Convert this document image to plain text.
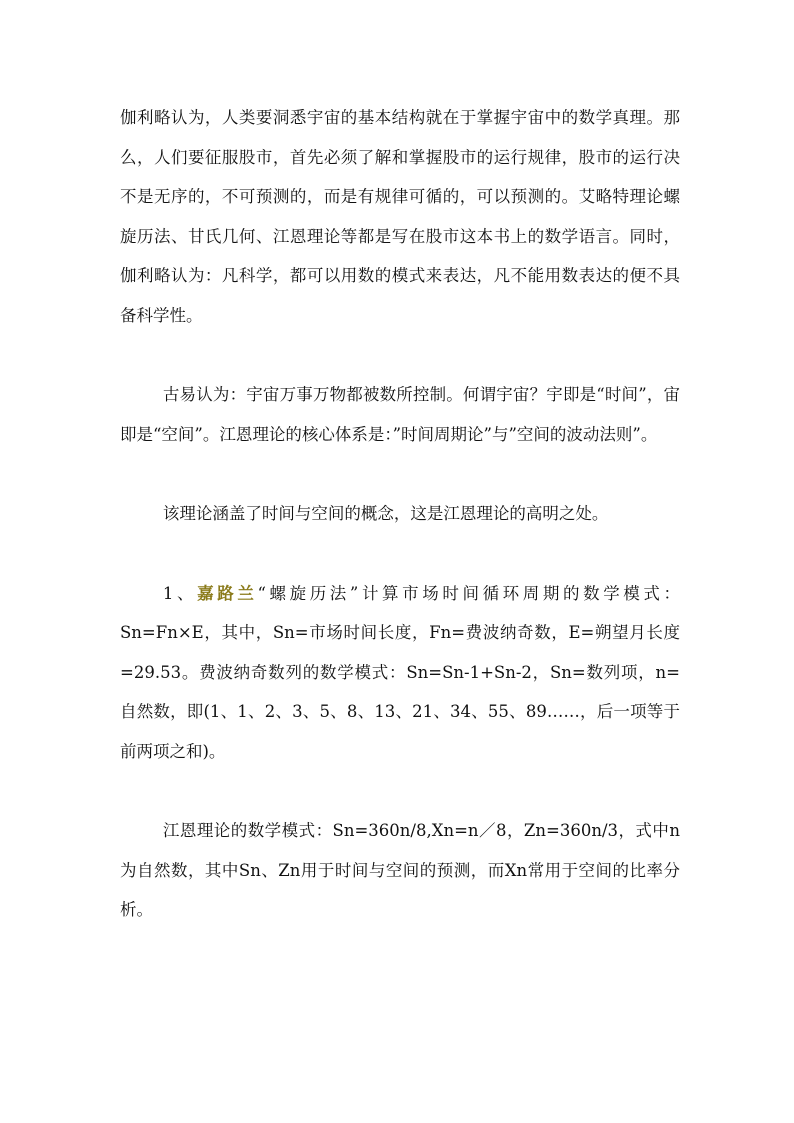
伽利略认为，人类要洞悉宇宙的基本结构就在于掌握宇宙中的数学真理。那么，人们要征服股市，首先必须了解和掌握股市的运行规律，股市的运行决不是无序的，不可预测的，而是有规律可循的，可以预测的。艾略特理论螺旋历法、甘氏几何、江恩理论等都是写在股市这本书上的数学语言。同时，伽利略认为：凡科学，都可以用数的模式来表达，凡不能用数表达的便不具备科学性。

古易认为：宇宙万事万物都被数所控制。何谓宇宙？宇即是“时间”，宙即是“空间”。江恩理论的核心体系是：”时间周期论”与”空间的波动法则”。

该理论涵盖了时间与空间的概念，这是江恩理论的高明之处。

1、嘉路兰“螺旋历法”计算市场时间循环周期的数学模式：Sn=Fn×E，其中，Sn=市场时间长度，Fn=费波纳奇数，E=朔望月长度=29.53。费波纳奇数列的数学模式：Sn=Sn-1+Sn-2，Sn=数列项，n=自然数，即(1、1、2、3、5、8、13、21、34、55、89……，后一项等于前两项之和)。

江恩理论的数学模式：Sn=360n/8,Xn=n／8，Zn=360n/3，式中n为自然数，其中Sn、Zn用于时间与空间的预测，而Xn常用于空间的比率分析。
